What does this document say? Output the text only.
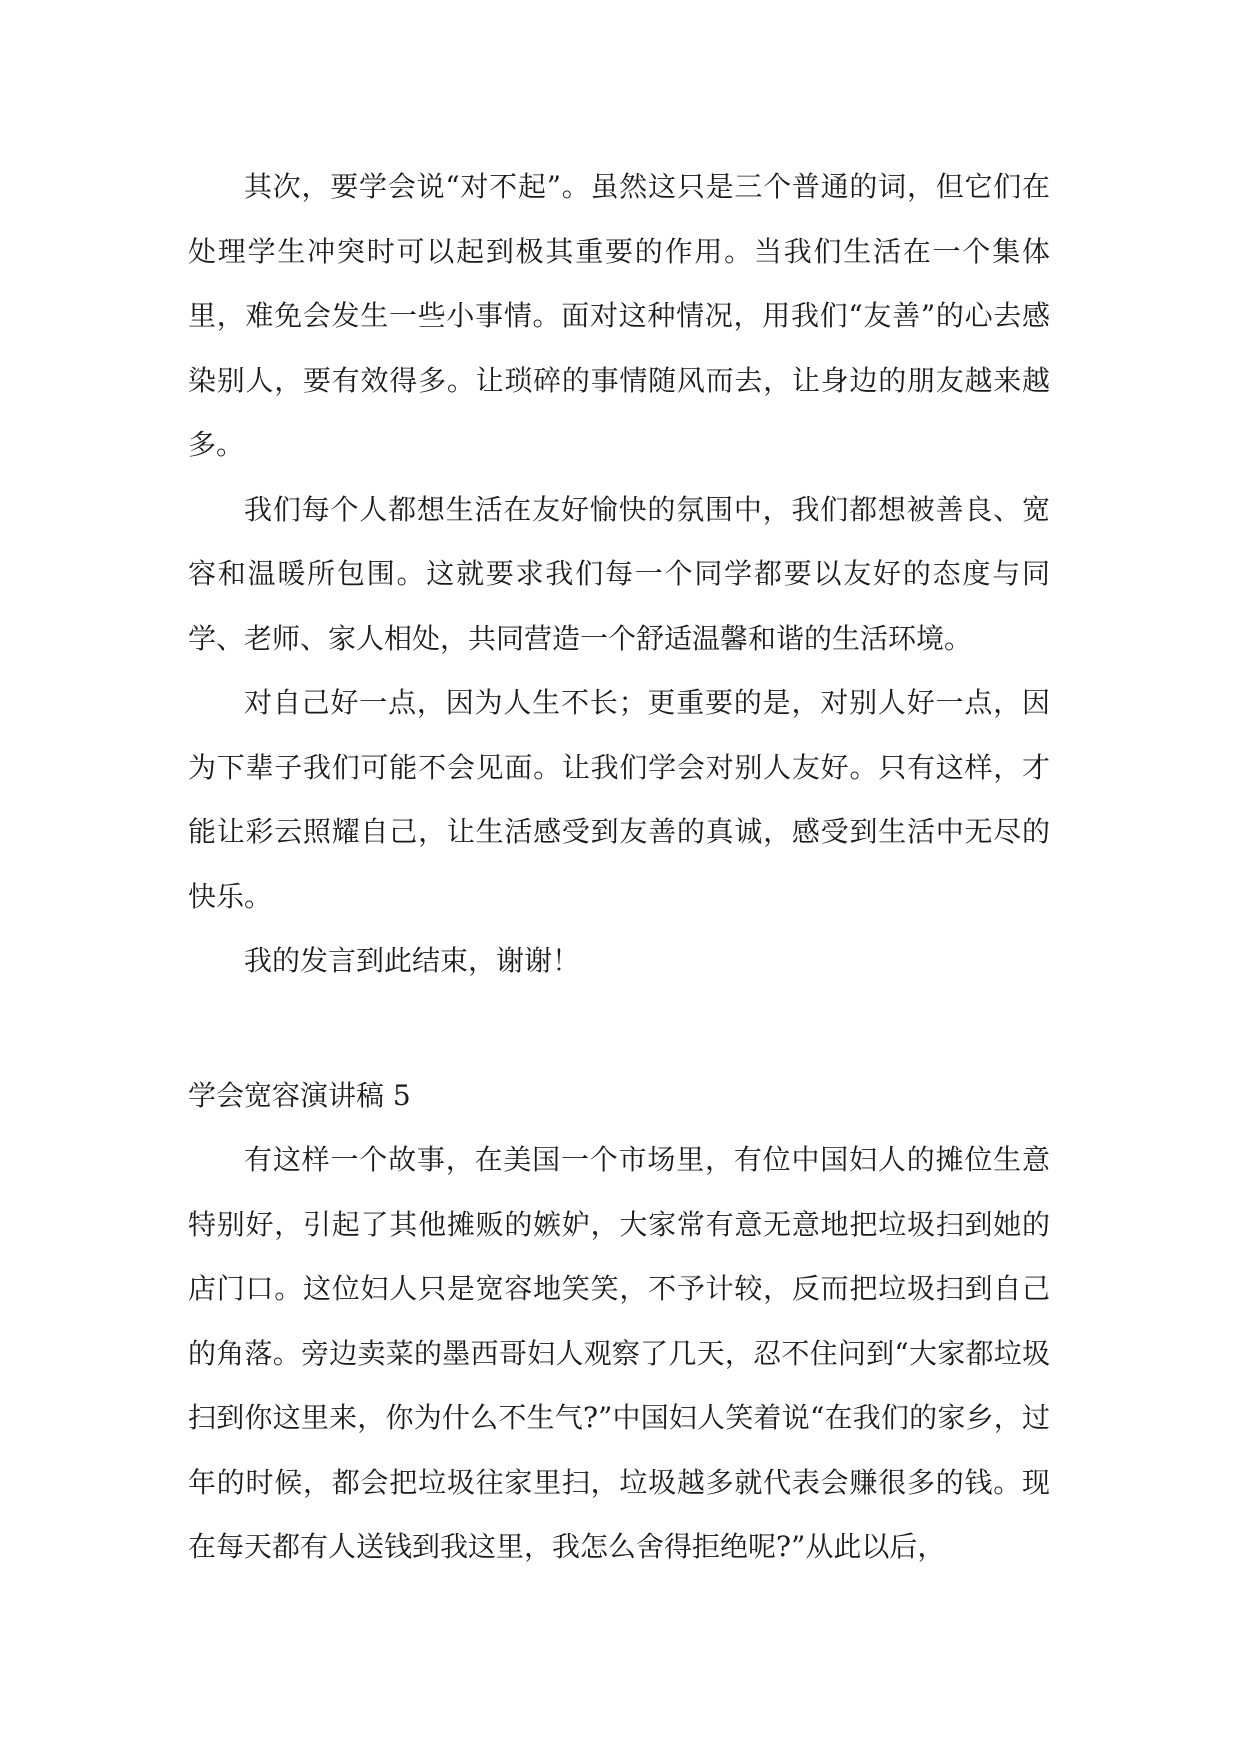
其次，要学会说“对不起”。虽然这只是三个普通的词，但它们在处理学生冲突时可以起到极其重要的作用。当我们生活在一个集体里，难免会发生一些小事情。面对这种情况，用我们“友善”的心去感染别人，要有效得多。让琐碎的事情随风而去，让身边的朋友越来越多。

我们每个人都想生活在友好愉快的氛围中，我们都想被善良、宽容和温暖所包围。这就要求我们每一个同学都要以友好的态度与同学、老师、家人相处，共同营造一个舒适温馨和谐的生活环境。

对自己好一点，因为人生不长；更重要的是，对别人好一点，因为下辈子我们可能不会见面。让我们学会对别人友好。只有这样，才能让彩云照耀自己，让生活感受到友善的真诚，感受到生活中无尽的快乐。

我的发言到此结束，谢谢！

学会宽容演讲稿 5

有这样一个故事，在美国一个市场里，有位中国妇人的摊位生意特别好，引起了其他摊贩的嫉妒，大家常有意无意地把垃圾扫到她的店门口。这位妇人只是宽容地笑笑，不予计较，反而把垃圾扫到自己的角落。旁边卖菜的墨西哥妇人观察了几天，忍不住问到“大家都垃圾扫到你这里来，你为什么不生气?”中国妇人笑着说“在我们的家乡，过年的时候，都会把垃圾往家里扫，垃圾越多就代表会赚很多的钱。现在每天都有人送钱到我这里，我怎么舍得拒绝呢?”从此以后，
